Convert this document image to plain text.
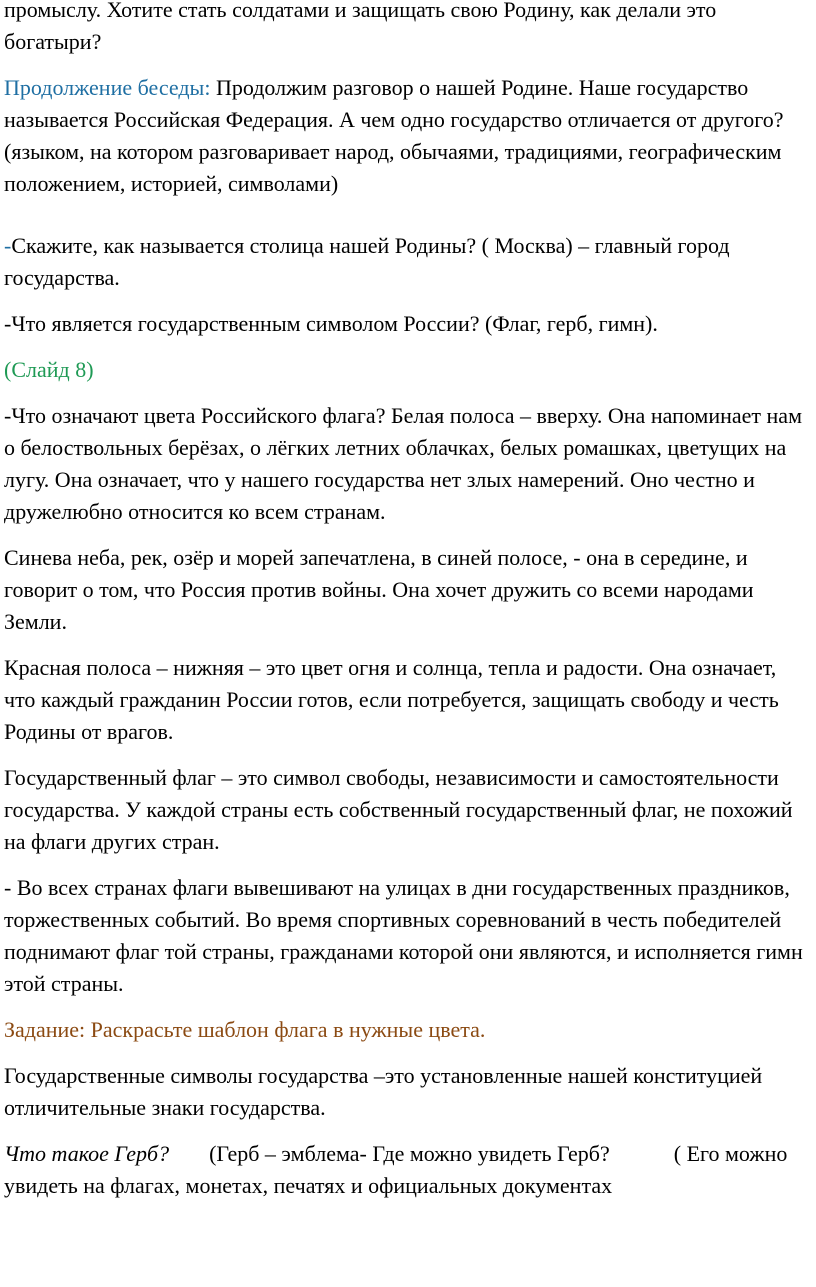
промыслу. Хотите стать солдатами и защищать свою Родину, как делали это богатыри?

Продолжение беседы: Продолжим разговор о нашей Родине. Наше государство называется Российская Федерация. А чем одно государство отличается от другого? (языком, на котором разговаривает народ, обычаями, традициями, географическим положением, историей, символами)

-Скажите, как называется столица нашей Родины? ( Москва) – главный город государства.

-Что является государственным символом России? (Флаг, герб, гимн).

(Слайд 8)

-Что означают цвета Российского флага? Белая полоса – вверху. Она напоминает нам о белоствольных берёзах, о лёгких летних облачках, белых ромашках, цветущих на лугу. Она означает, что у нашего государства нет злых намерений. Оно честно и дружелюбно относится ко всем странам.

Синева неба, рек, озёр и морей запечатлена, в синей полосе, - она в середине, и говорит о том, что Россия против войны. Она хочет дружить со всеми народами Земли.

Красная полоса – нижняя – это цвет огня и солнца, тепла и радости. Она означает, что каждый гражданин России готов, если потребуется, защищать свободу и честь Родины от врагов.

Государственный флаг – это символ свободы, независимости и самостоятельности государства. У каждой страны есть собственный государственный флаг, не похожий на флаги других стран.

- Во всех странах флаги вывешивают на улицах в дни государственных праздников, торжественных событий. Во время спортивных соревнований в честь победителей поднимают флаг той страны, гражданами которой они являются, и исполняется гимн этой страны.

Задание: Раскрасьте шаблон флага в нужные цвета.

Государственные символы государства –это установленные нашей конституцией отличительные знаки государства.

Что такое Герб? (Герб – эмблема- Где можно увидеть Герб?	( Его можно увидеть на флагах, монетах, печатях и официальных документах
